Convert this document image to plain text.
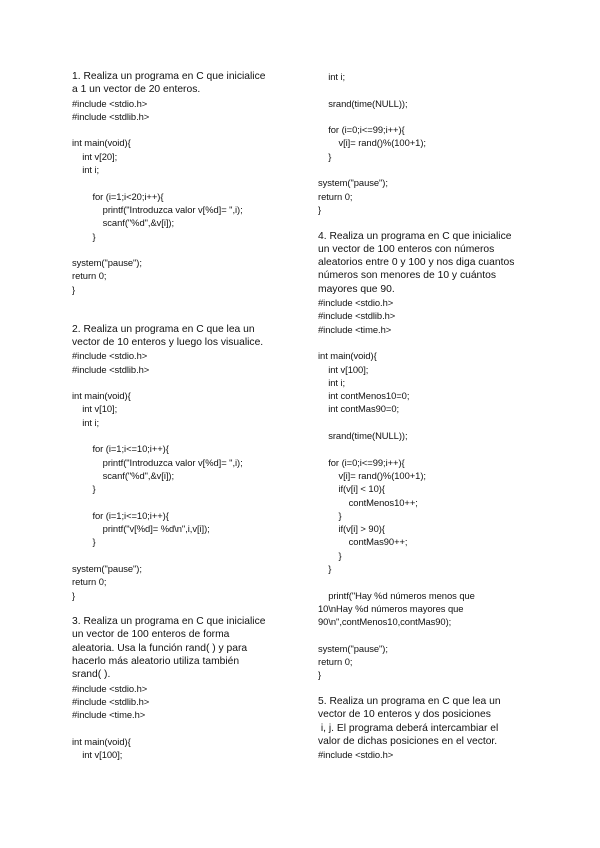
1. Realiza un programa en C que inicialice
a 1 un vector de 20 enteros.
#include <stdio.h>
#include <stdlib.h>
int main(void){
int v[20];
int i;
for (i=1;i<20;i++){
printf("Introduzca valor v[%d]= ",i);
scanf("%d",&v[i]);
}
system("pause");
return 0;
}
2. Realiza un programa en C que lea un
vector de 10 enteros y luego los visualice.
#include <stdio.h>
#include <stdlib.h>
int main(void){
int v[10];
int i;
for (i=1;i<=10;i++){
printf("Introduzca valor v[%d]= ",i);
scanf("%d",&v[i]);
}
for (i=1;i<=10;i++){
printf("v[%d]= %d\n",i,v[i]);
}
system("pause");
return 0;
}
3. Realiza un programa en C que inicialice
un vector de 100 enteros de forma
aleatoria. Usa la función rand( ) y para
hacerlo más aleatorio utiliza también
srand( ).
#include <stdio.h>
#include <stdlib.h>
#include <time.h>
int main(void){
int v[100];
int i;
srand(time(NULL));
for (i=0;i<=99;i++){
v[i]= rand()%(100+1);
}
system("pause");
return 0;
}
4. Realiza un programa en C que inicialice
un vector de 100 enteros con números
aleatorios entre 0 y 100 y nos diga cuantos
números son menores de 10 y cuántos
mayores que 90.
#include <stdio.h>
#include <stdlib.h>
#include <time.h>
int main(void){
int v[100];
int i;
int contMenos10=0;
int contMas90=0;
srand(time(NULL));
for (i=0;i<=99;i++){
v[i]= rand()%(100+1);
if(v[i] < 10){
contMenos10++;
}
if(v[i] > 90){
contMas90++;
}
}
printf("Hay %d números menos que
10\nHay %d números mayores que
90\n",contMenos10,contMas90);
system("pause");
return 0;
}
5. Realiza un programa en C que lea un
vector de 10 enteros y dos posiciones
i, j. El programa deberá intercambiar el
valor de dichas posiciones en el vector.
#include <stdio.h>
